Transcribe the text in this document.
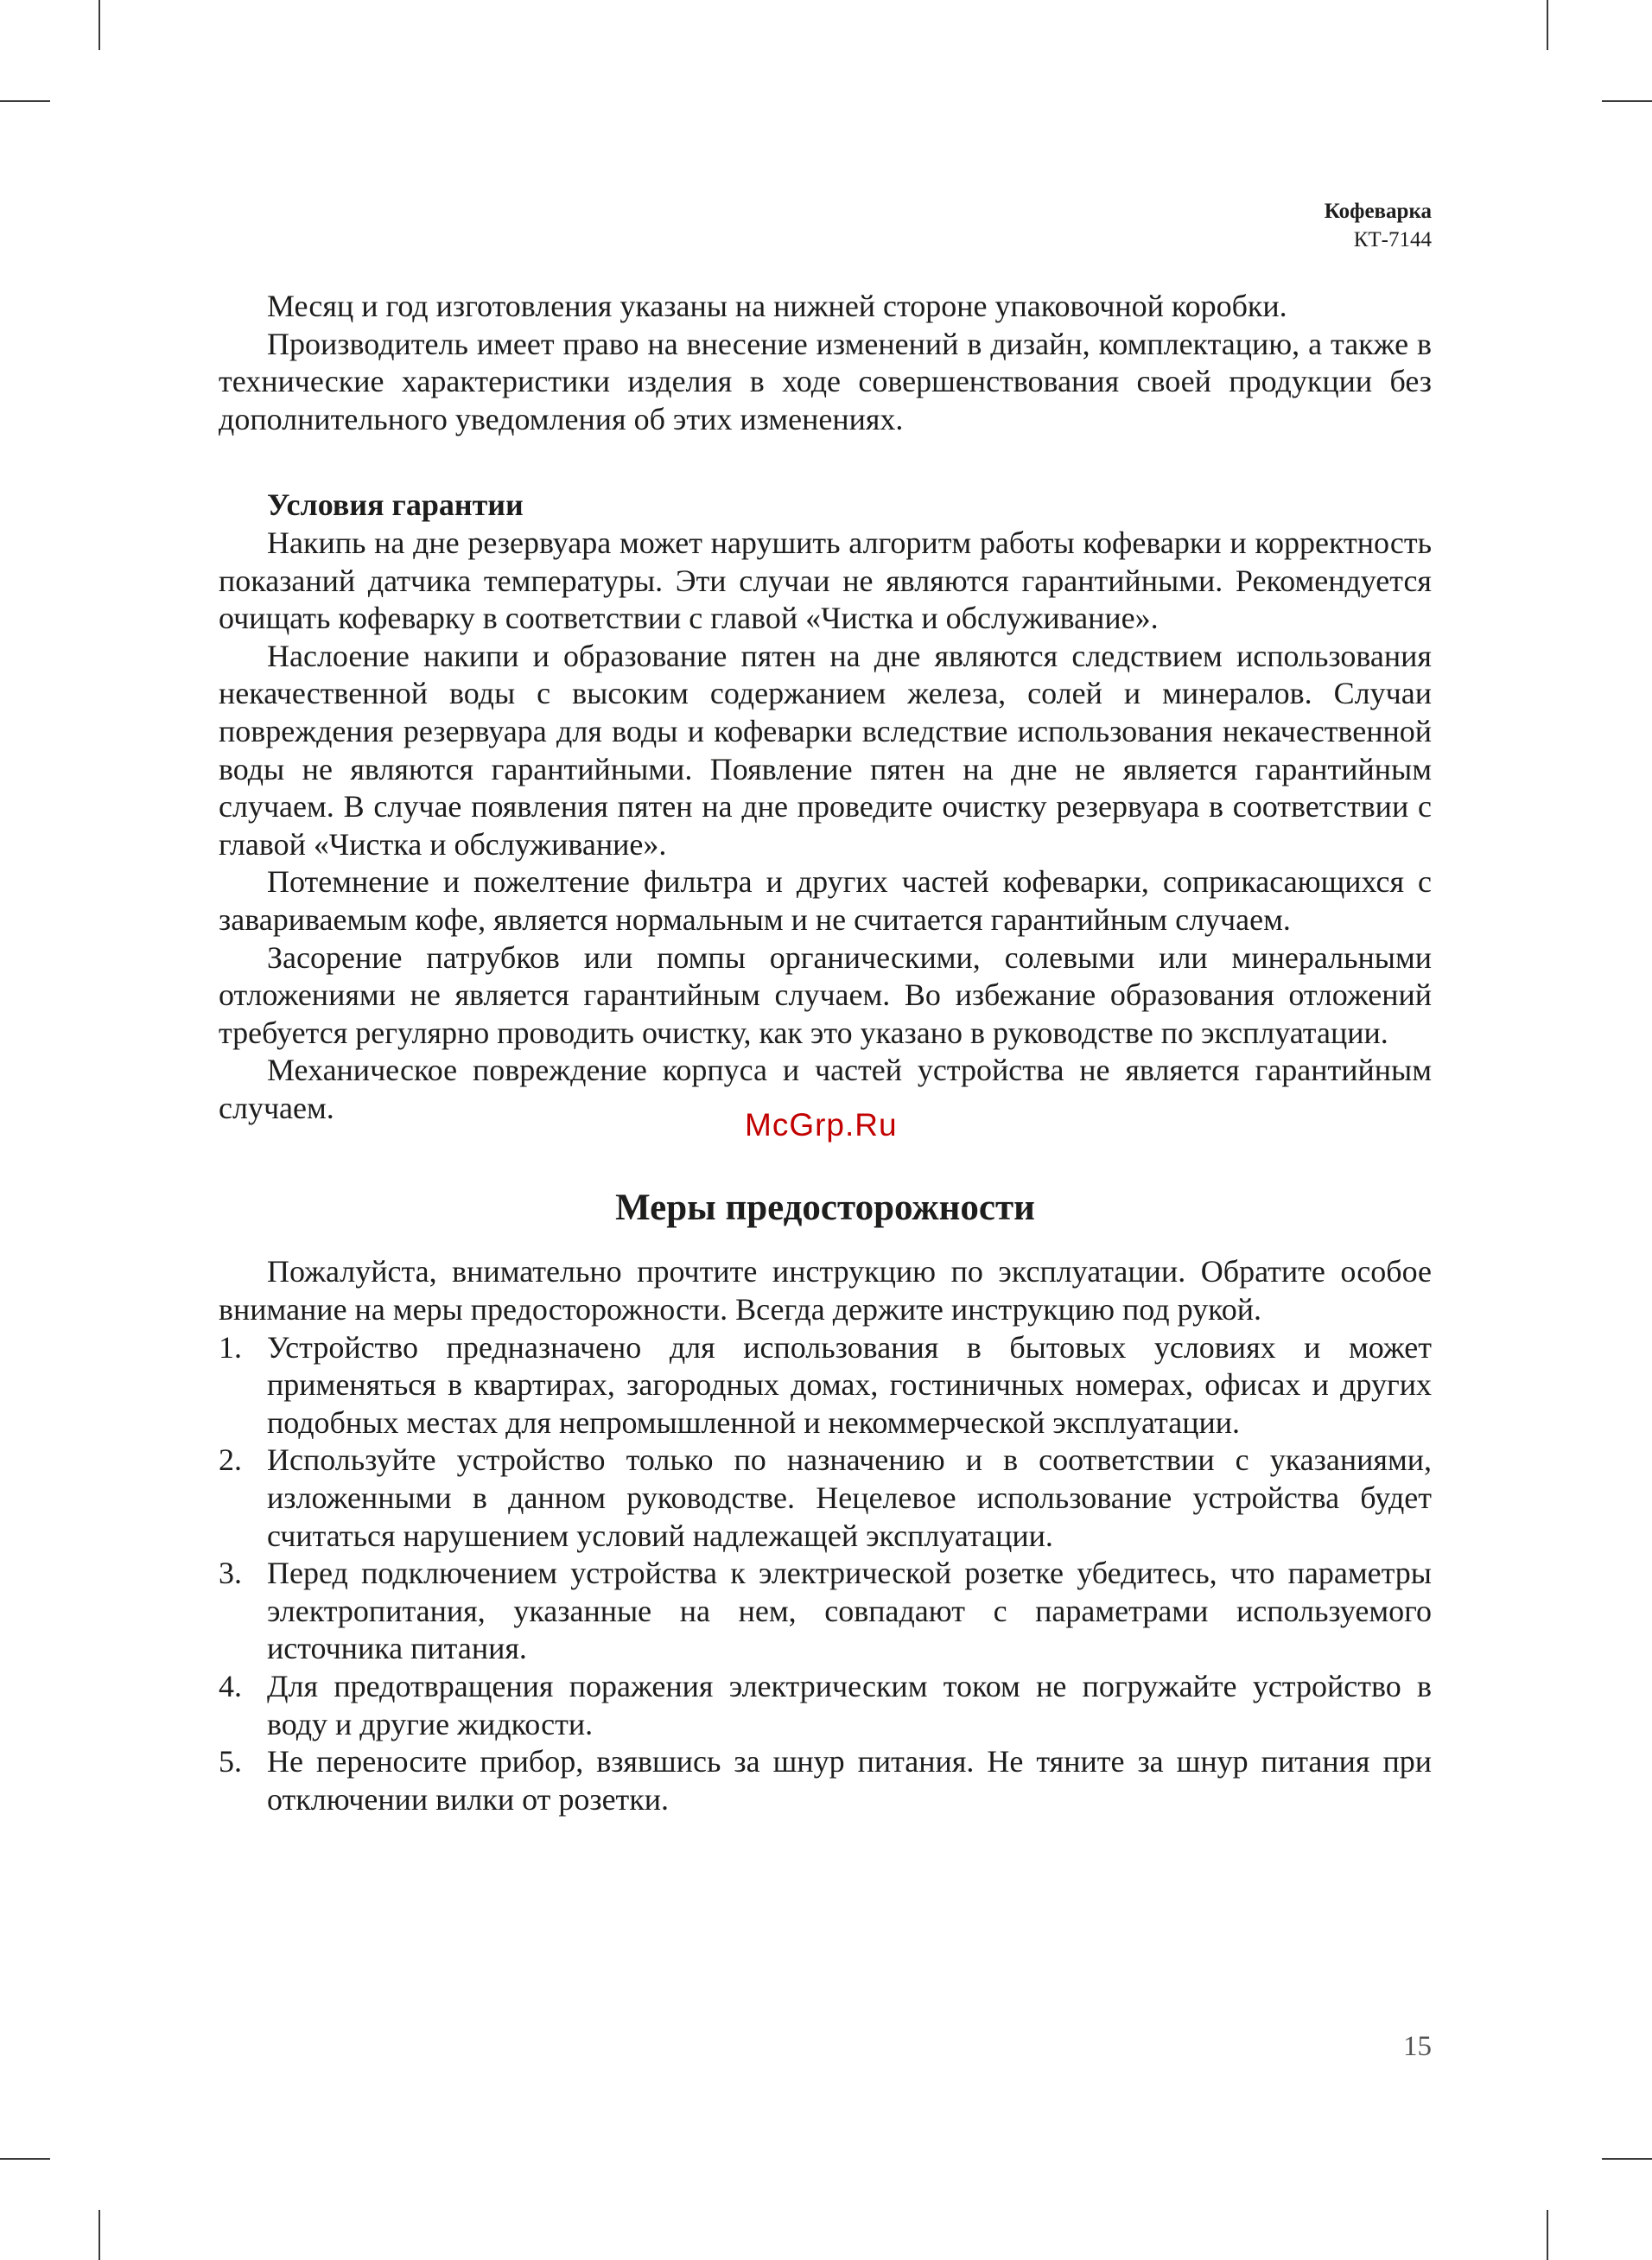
Кофеварка
КТ-7144

Месяц и год изготовления указаны на нижней стороне упаковочной коробки.

Производитель имеет право на внесение изменений в дизайн, комплектацию, а также в технические характеристики изделия в ходе совершенствования своей продукции без дополнительного уведомления об этих изменениях.

Условия гарантии

Накипь на дне резервуара может нарушить алгоритм работы кофеварки и корректность показаний датчика температуры. Эти случаи не являются гарантийными. Рекомендуется очищать кофеварку в соответствии с главой «Чистка и обслуживание».

Наслоение накипи и образование пятен на дне являются следствием использования некачественной воды с высоким содержанием железа, солей и минералов. Случаи повреждения резервуара для воды и кофеварки вследствие использования некачественной воды не являются гарантийными. Появление пятен на дне не является гарантийным случаем. В случае появления пятен на дне проведите очистку резервуара в соответствии с главой «Чистка и обслуживание».

Потемнение и пожелтение фильтра и других частей кофеварки, соприкасающихся с завариваемым кофе, является нормальным и не считается гарантийным случаем.

Засорение патрубков или помпы органическими, солевыми или минеральными отложениями не является гарантийным случаем. Во избежание образования отложений требуется регулярно проводить очистку, как это указано в руководстве по эксплуатации.

Механическое повреждение корпуса и частей устройства не является гарантийным случаем.

Меры предосторожности

Пожалуйста, внимательно прочтите инструкцию по эксплуатации. Обратите особое внимание на меры предосторожности. Всегда держите инструкцию под рукой.

1. Устройство предназначено для использования в бытовых условиях и может применяться в квартирах, загородных домах, гостиничных номерах, офисах и других подобных местах для непромышленной и некоммерческой эксплуатации.
2. Используйте устройство только по назначению и в соответствии с указаниями, изложенными в данном руководстве. Нецелевое использование устройства будет считаться нарушением условий надлежащей эксплуатации.
3. Перед подключением устройства к электрической розетке убедитесь, что параметры электропитания, указанные на нем, совпадают с параметрами используемого источника питания.
4. Для предотвращения поражения электрическим током не погружайте устройство в воду и другие жидкости.
5. Не переносите прибор, взявшись за шнур питания. Не тяните за шнур питания при отключении вилки от розетки.
McGrp.Ru
15
